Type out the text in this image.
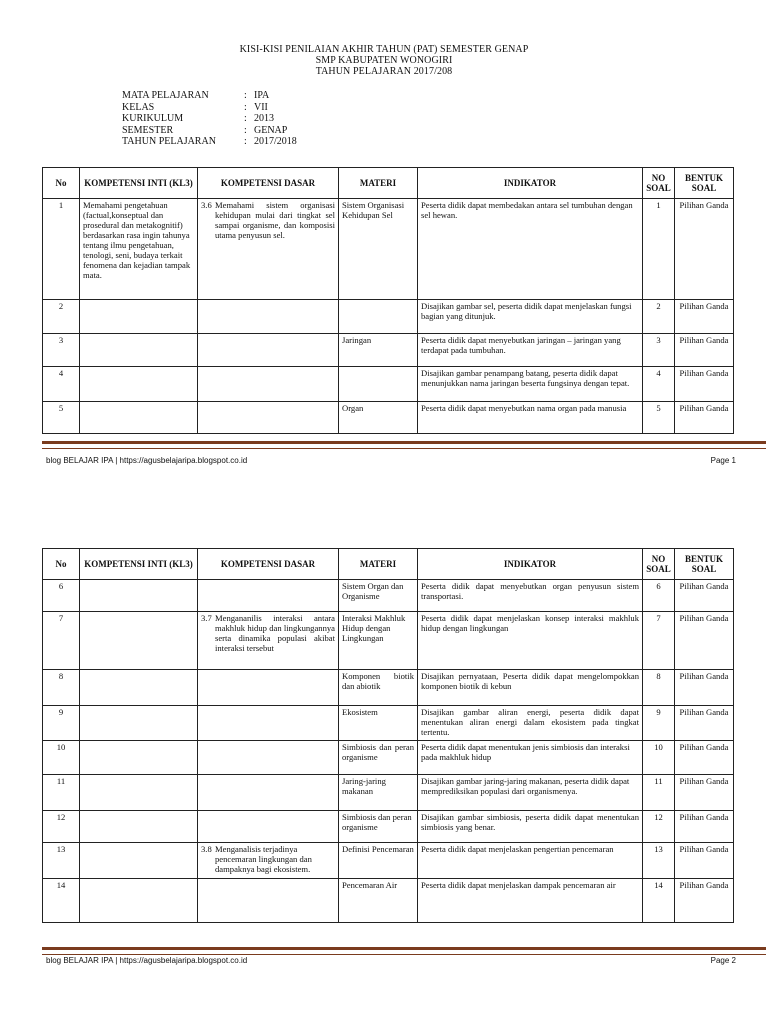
KISI-KISI PENILAIAN AKHIR TAHUN (PAT) SEMESTER GENAP
SMP KABUPATEN WONOGIRI
TAHUN PELAJARAN 2017/208
MATA PELAJARAN	: IPA
KELAS	: VII
KURIKULUM	: 2013
SEMESTER	: GENAP
TAHUN PELAJARAN	: 2017/2018
No	KOMPETENSI INTI (KL3)	KOMPETENSI DASAR	MATERI	INDIKATOR	NO SOAL	BENTUK SOAL
1	Memahami pengetahuan (factual,konseptual dan prosedural dan metakognitif) berdasarkan rasa ingin tahunya tentang ilmu pengetahuan, tenologi, seni, budaya terkait fenomena dan kejadian tampak mata.	3.6 Memahami sistem organisasi kehidupan mulai dari tingkat sel sampai organisme, dan komposisi utama penyusun sel.	Sistem Organisasi Kehidupan Sel	Peserta didik dapat membedakan antara sel tumbuhan dengan sel hewan.	1	Pilihan Ganda
2				Disajikan gambar sel, peserta didik dapat menjelaskan fungsi bagian yang ditunjuk.	2	Pilihan Ganda
3			Jaringan	Peserta didik dapat menyebutkan jaringan – jaringan yang terdapat pada tumbuhan.	3	Pilihan Ganda
4				Disajikan gambar penampang batang, peserta didik dapat menunjukkan nama jaringan beserta fungsinya dengan tepat.	4	Pilihan Ganda
5			Organ	Peserta didik dapat menyebutkan nama organ pada manusia	5	Pilihan Ganda
blog BELAJAR IPA | https://agusbelajaripa.blogspot.co.id	Page 1
No	KOMPETENSI INTI (KL3)	KOMPETENSI DASAR	MATERI	INDIKATOR	NO SOAL	BENTUK SOAL
6			Sistem Organ dan Organisme	Peserta didik dapat menyebutkan organ penyusun sistem transportasi.	6	Pilihan Ganda
7		3.7 Mengananilis interaksi antara makhluk hidup dan lingkungannya serta dinamika populasi akibat interaksi tersebut	Interaksi Makhluk Hidup dengan Lingkungan	Peserta didik dapat menjelaskan konsep interaksi makhluk hidup dengan lingkungan	7	Pilihan Ganda
8			Komponen biotik dan abiotik	Disajikan pernyataan, Peserta didik dapat mengelompokkan komponen biotik di kebun	8	Pilihan Ganda
9			Ekosistem	Disajikan gambar aliran energi, peserta didik dapat menentukan aliran energi dalam ekosistem pada tingkat tertentu.	9	Pilihan Ganda
10			Simbiosis dan peran organisme	Peserta didik dapat menentukan jenis simbiosis dan interaksi pada makhluk hidup	10	Pilihan Ganda
11			Jaring-jaring makanan	Disajikan gambar jaring-jaring makanan, peserta didik dapat memprediksikan populasi dari organismenya.	11	Pilihan Ganda
12			Simbiosis dan peran organisme	Disajikan gambar simbiosis, peserta didik dapat menentukan simbiosis yang benar.	12	Pilihan Ganda
13		3.8 Menganalisis terjadinya pencemaran lingkungan dan dampaknya bagi ekosistem.	Definisi Pencemaran	Peserta didik dapat menjelaskan pengertian pencemaran	13	Pilihan Ganda
14			Pencemaran Air	Peserta didik dapat menjelaskan dampak pencemaran air	14	Pilihan Ganda
blog BELAJAR IPA | https://agusbelajaripa.blogspot.co.id	Page 2
